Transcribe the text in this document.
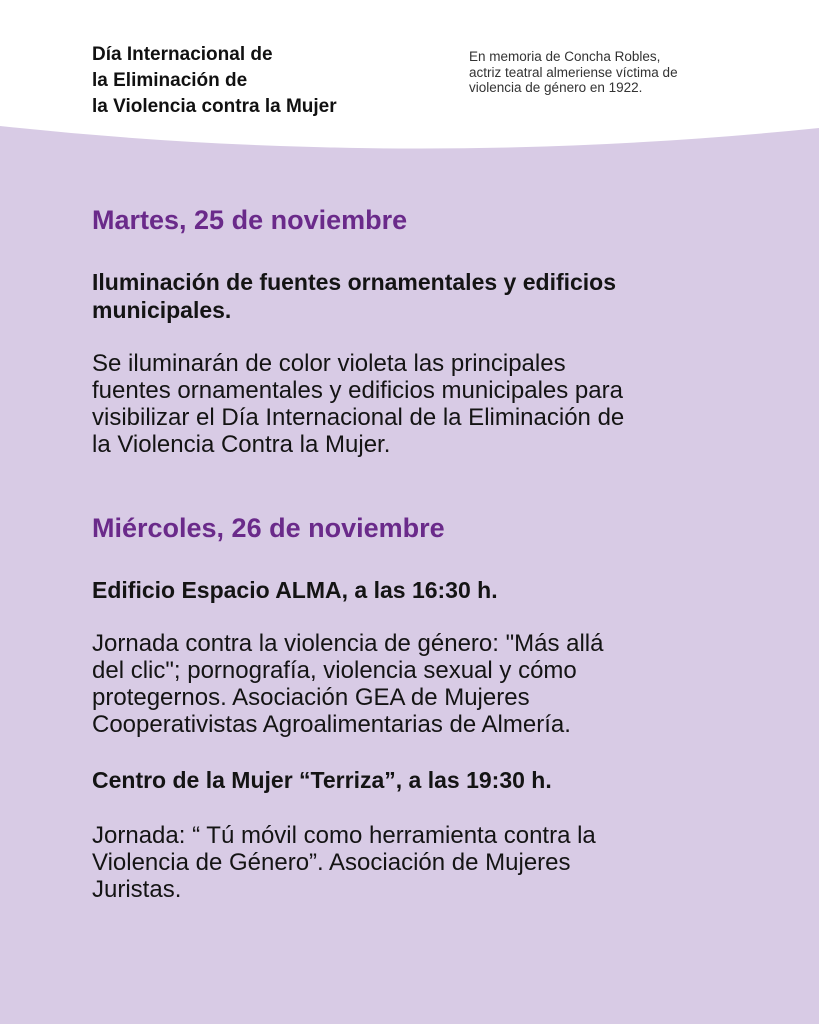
Día Internacional de
la Eliminación de
la Violencia contra la Mujer

En memoria de Concha Robles,
actriz teatral almeriense víctima de
violencia de género en 1922.

Martes, 25 de noviembre
Iluminación de fuentes ornamentales y edificios
municipales.

Se iluminarán de color violeta las principales
fuentes ornamentales y edificios municipales para
visibilizar el Día Internacional de la Eliminación de
la Violencia Contra la Mujer.

Miércoles, 26 de noviembre
Edificio Espacio ALMA, a las 16:30 h.

Jornada contra la violencia de género: "Más allá
del clic"; pornografía, violencia sexual y cómo
protegernos. Asociación GEA de Mujeres
Cooperativistas Agroalimentarias de Almería.

Centro de la Mujer “Terriza”, a las 19:30 h.

Jornada: “ Tú móvil como herramienta contra la
Violencia de Género”. Asociación de Mujeres
Juristas.
